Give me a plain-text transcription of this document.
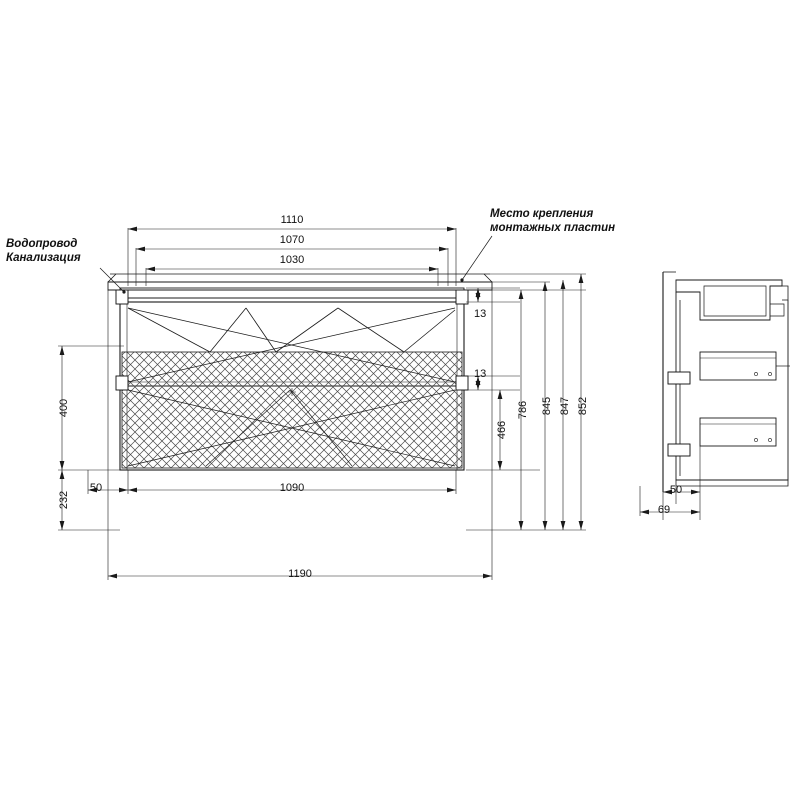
Водопровод
Канализация
Место крепления
монтажных пластин
1110
1070
1030
1090
1190
50
400
232
13
13
466
786 845 847 852
50
69
